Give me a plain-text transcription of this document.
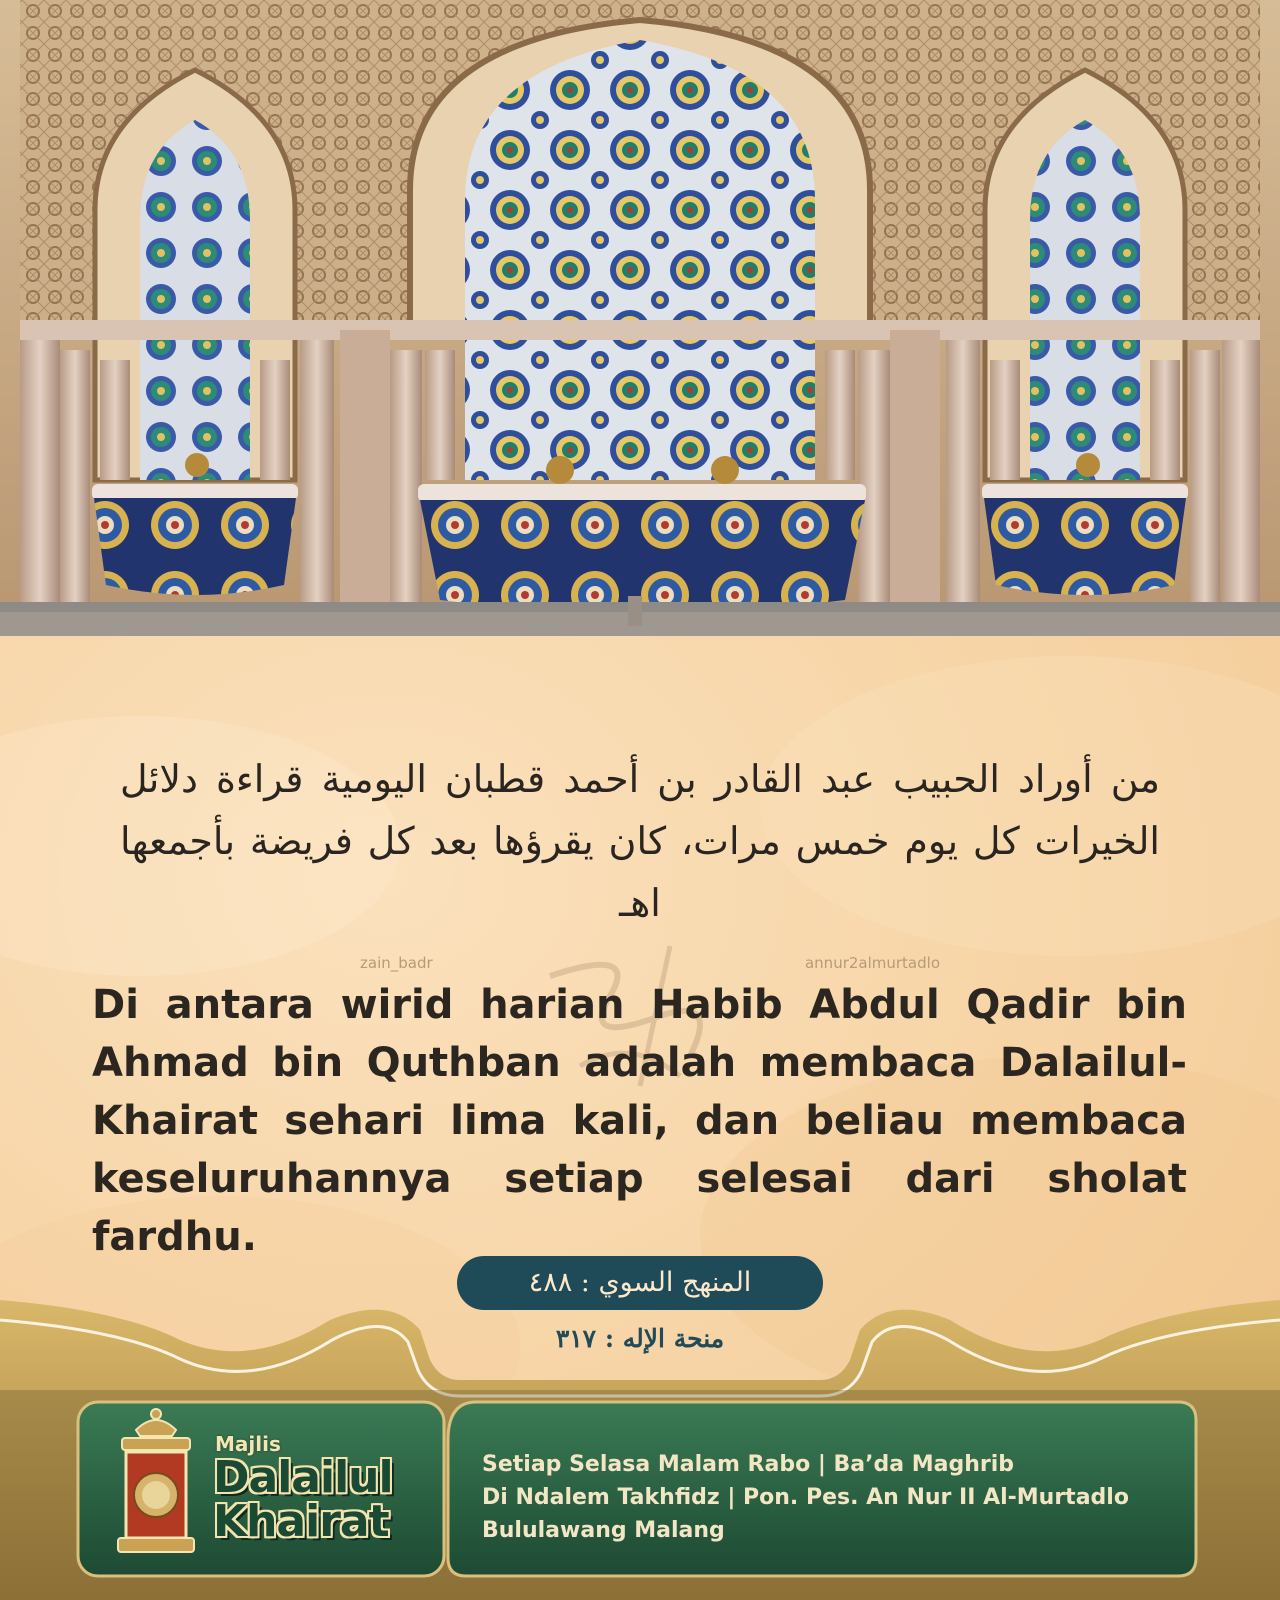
من أوراد الحبيب عبد القادر بن أحمد قطبان اليومية قراءة دلائل الخيرات كل يوم خمس مرات، كان يقرؤها بعد كل فريضة بأجمعها اهـ
zain_badr	annur2almurtadlo
Di antara wirid harian Habib Abdul Qadir bin Ahmad bin Quthban adalah membaca Dalailul-Khairat sehari lima kali, dan beliau membaca keseluruhannya setiap selesai dari sholat fardhu.
المنهج السوي : ٤٨٨
منحة الإله : ٣١٧
Majlis
Dalailul
Khairat
Setiap Selasa Malam Rabo | Ba’da Maghrib
Di Ndalem Takhfidz | Pon. Pes. An Nur II Al-Murtadlo
Bululawang Malang
